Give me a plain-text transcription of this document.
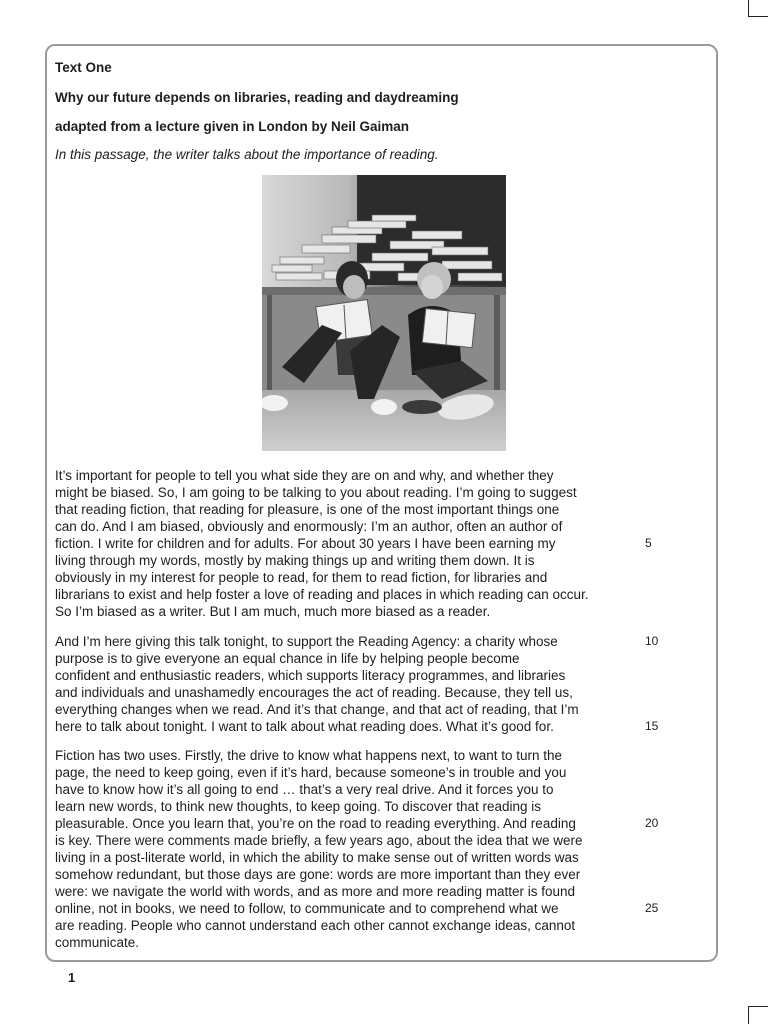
Text One
Why our future depends on libraries, reading and daydreaming
adapted from a lecture given in London by Neil Gaiman
In this passage, the writer talks about the importance of reading.
It’s important for people to tell you what side they are on and why, and whether they
might be biased. So, I am going to be talking to you about reading. I’m going to suggest
that reading fiction, that reading for pleasure, is one of the most important things one
can do. And I am biased, obviously and enormously: I’m an author, often an author of
fiction. I write for children and for adults. For about 30 years I have been earning my
living through my words, mostly by making things up and writing them down. It is
obviously in my interest for people to read, for them to read fiction, for libraries and
librarians to exist and help foster a love of reading and places in which reading can occur.
So I’m biased as a writer. But I am much, much more biased as a reader.
And I’m here giving this talk tonight, to support the Reading Agency: a charity whose
purpose is to give everyone an equal chance in life by helping people become
confident and enthusiastic readers, which supports literacy programmes, and libraries
and individuals and unashamedly encourages the act of reading. Because, they tell us,
everything changes when we read. And it’s that change, and that act of reading, that I’m
here to talk about tonight. I want to talk about what reading does. What it’s good for.
Fiction has two uses. Firstly, the drive to know what happens next, to want to turn the
page, the need to keep going, even if it’s hard, because someone’s in trouble and you
have to know how it’s all going to end … that’s a very real drive. And it forces you to
learn new words, to think new thoughts, to keep going. To discover that reading is
pleasurable. Once you learn that, you’re on the road to reading everything. And reading
is key. There were comments made briefly, a few years ago, about the idea that we were
living in a post-literate world, in which the ability to make sense out of written words was
somehow redundant, but those days are gone: words are more important than they ever
were: we navigate the world with words, and as more and more reading matter is found
online, not in books, we need to follow, to communicate and to comprehend what we
are reading. People who cannot understand each other cannot exchange ideas, cannot
communicate.
5
10
15
20
25
1
